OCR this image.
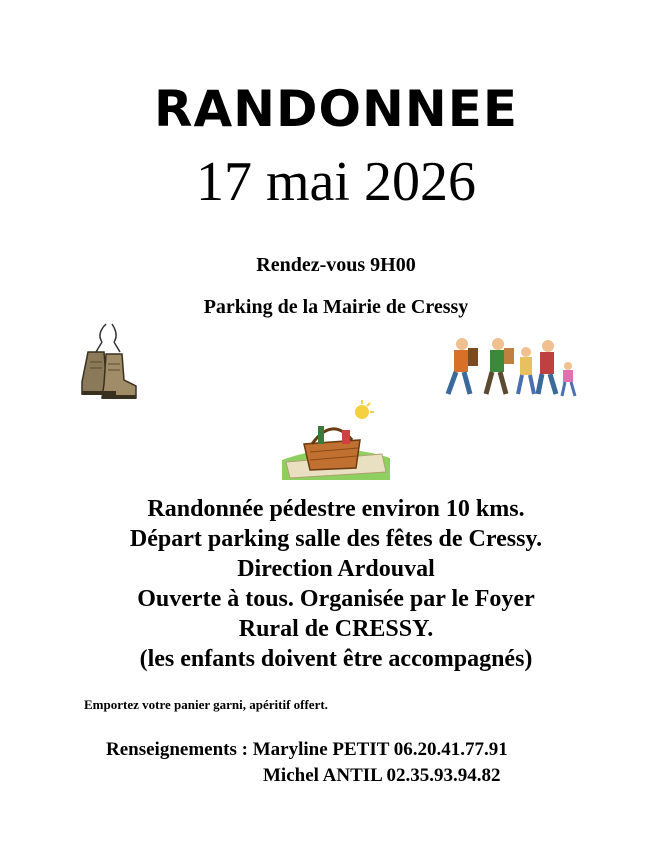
RANDONNEE
17 mai 2026
Rendez-vous 9H00
Parking de la Mairie de Cressy
Randonnée pédestre environ 10 kms.
Départ parking salle des fêtes de Cressy.
Direction Ardouval
Ouverte à tous. Organisée par le Foyer
Rural de CRESSY.
(les enfants doivent être accompagnés)
Emportez votre panier garni, apéritif offert.
Renseignements : Maryline PETIT 06.20.41.77.91
Michel ANTIL 02.35.93.94.82
